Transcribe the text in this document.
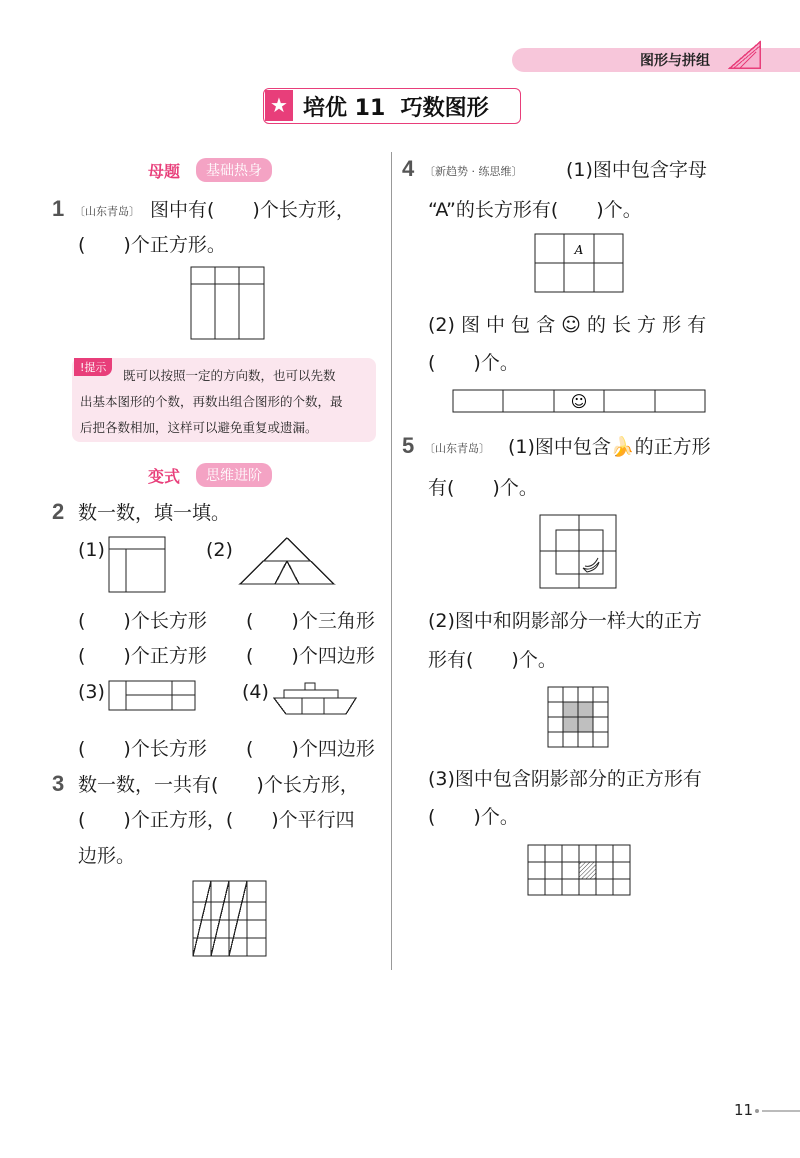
图形与拼组
★ 培优 11  巧数图形
母题	基础热身
1 〔山东青岛〕 图中有(　　)个长方形，
(　　)个正方形。
!提示
既可以按照一定的方向数，也可以先数
出基本图形的个数，再数出组合图形的个数，最
后把各数相加，这样可以避免重复或遗漏。
变式	思维进阶
2 数一数，填一填。
(1)	(2)
(　　)个长方形 (　　)个三角形
(　　)个正方形 (　　)个四边形
(3)	(4)
(　　)个长方形 (　　)个四边形
3 数一数，一共有(　　)个长方形，
(　　)个正方形，(　　)个平行四
边形。
4 〔新趋势 · 练思维〕 (1)图中包含字母
“A”的长方形有(　　)个。
A
(2) 图 中 包 含 ☺ 的 长 方 形 有
(　　)个。
☺
5 〔山东青岛〕 (1)图中包含🍌的正方形
有(　　)个。
(2)图中和阴影部分一样大的正方
形有(　　)个。
(3)图中包含阴影部分的正方形有
(　　)个。
11
